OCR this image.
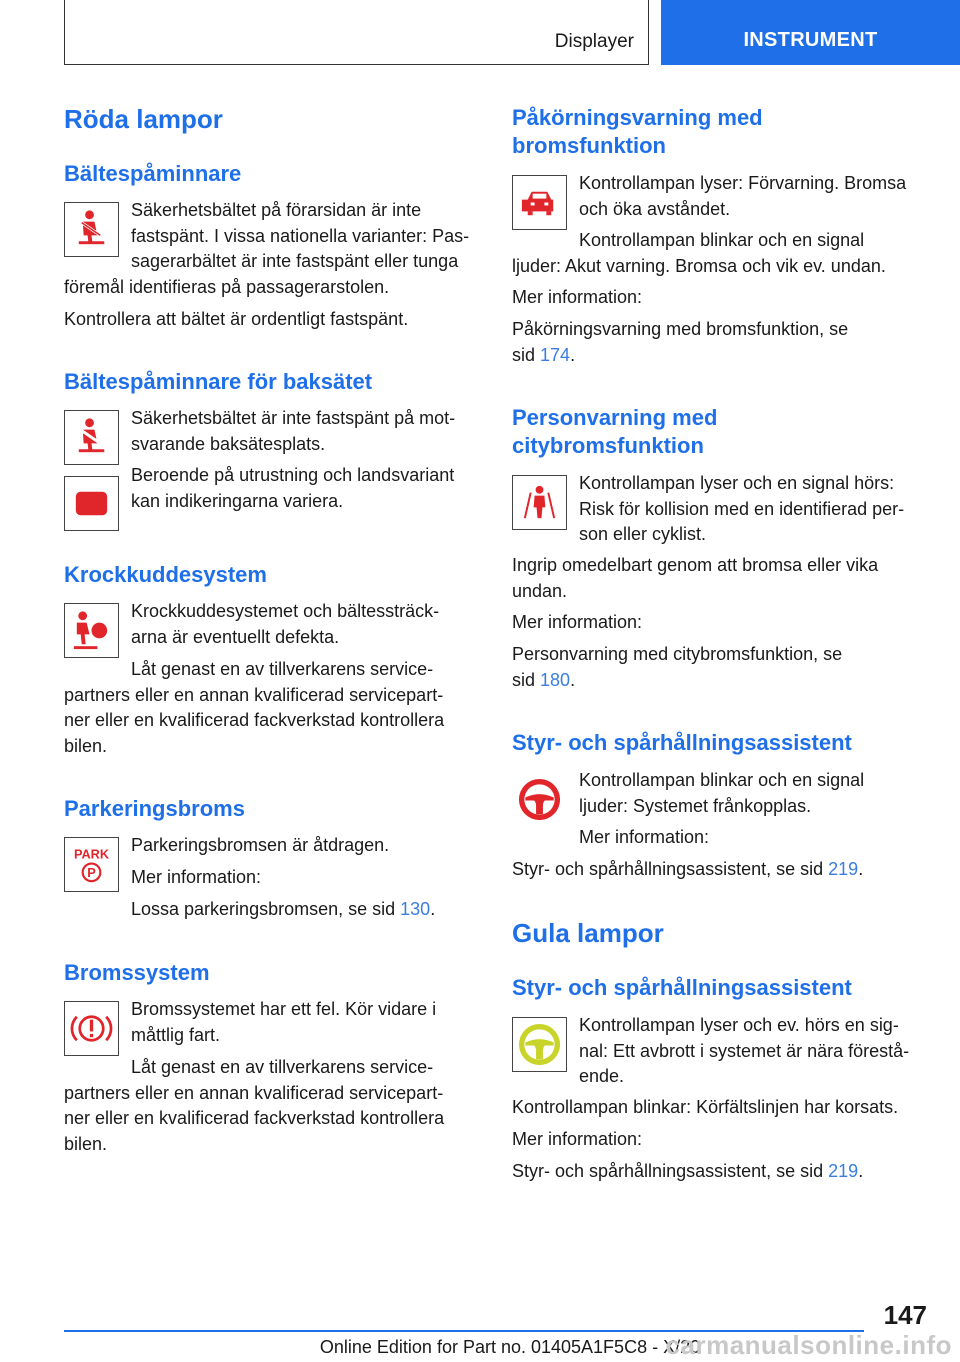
Displayer	INSTRUMENT
Röda lampor
Bältespåminnare
Säkerhetsbältet på förarsidan är inte
fastspänt. I vissa nationella varianter: Pas-
sagerarbältet är inte fastspänt eller tunga
föremål identifieras på passagerarstolen.
Kontrollera att bältet är ordentligt fastspänt.
Bältespåminnare för baksätet
Säkerhetsbältet är inte fastspänt på mot-
svarande baksätesplats.
Beroende på utrustning och landsvariant
kan indikeringarna variera.
Krockkuddesystem
Krockkuddesystemet och bältessträck-
arna är eventuellt defekta.
Låt genast en av tillverkarens service-
partners eller en annan kvalificerad servicepart-
ner eller en kvalificerad fackverkstad kontrollera
bilen.
Parkeringsbroms
PARK
P
Parkeringsbromsen är åtdragen.
Mer information:
Lossa parkeringsbromsen, se sid 130.
Bromssystem
Bromssystemet har ett fel. Kör vidare i
måttlig fart.
Låt genast en av tillverkarens service-
partners eller en annan kvalificerad servicepart-
ner eller en kvalificerad fackverkstad kontrollera
bilen.
Påkörningsvarning med
bromsfunktion
Kontrollampan lyser: Förvarning. Bromsa
och öka avståndet.
Kontrollampan blinkar och en signal
ljuder: Akut varning. Bromsa och vik ev. undan.
Mer information:
Påkörningsvarning med bromsfunktion, se
sid 174.
Personvarning med
citybromsfunktion
Kontrollampan lyser och en signal hörs:
Risk för kollision med en identifierad per-
son eller cyklist.
Ingrip omedelbart genom att bromsa eller vika
undan.
Mer information:
Personvarning med citybromsfunktion, se
sid 180.
Styr- och spårhållningsassistent
Kontrollampan blinkar och en signal
ljuder: Systemet frånkopplas.
Mer information:
Styr- och spårhållningsassistent, se sid 219.
Gula lampor
Styr- och spårhållningsassistent
Kontrollampan lyser och ev. hörs en sig-
nal: Ett avbrott i systemet är nära förestå-
ende.
Kontrollampan blinkar: Körfältslinjen har korsats.
Mer information:
Styr- och spårhållningsassistent, se sid 219.
147
Online Edition for Part no. 01405A1F5C8 - X/20
carmanualsonline.info
